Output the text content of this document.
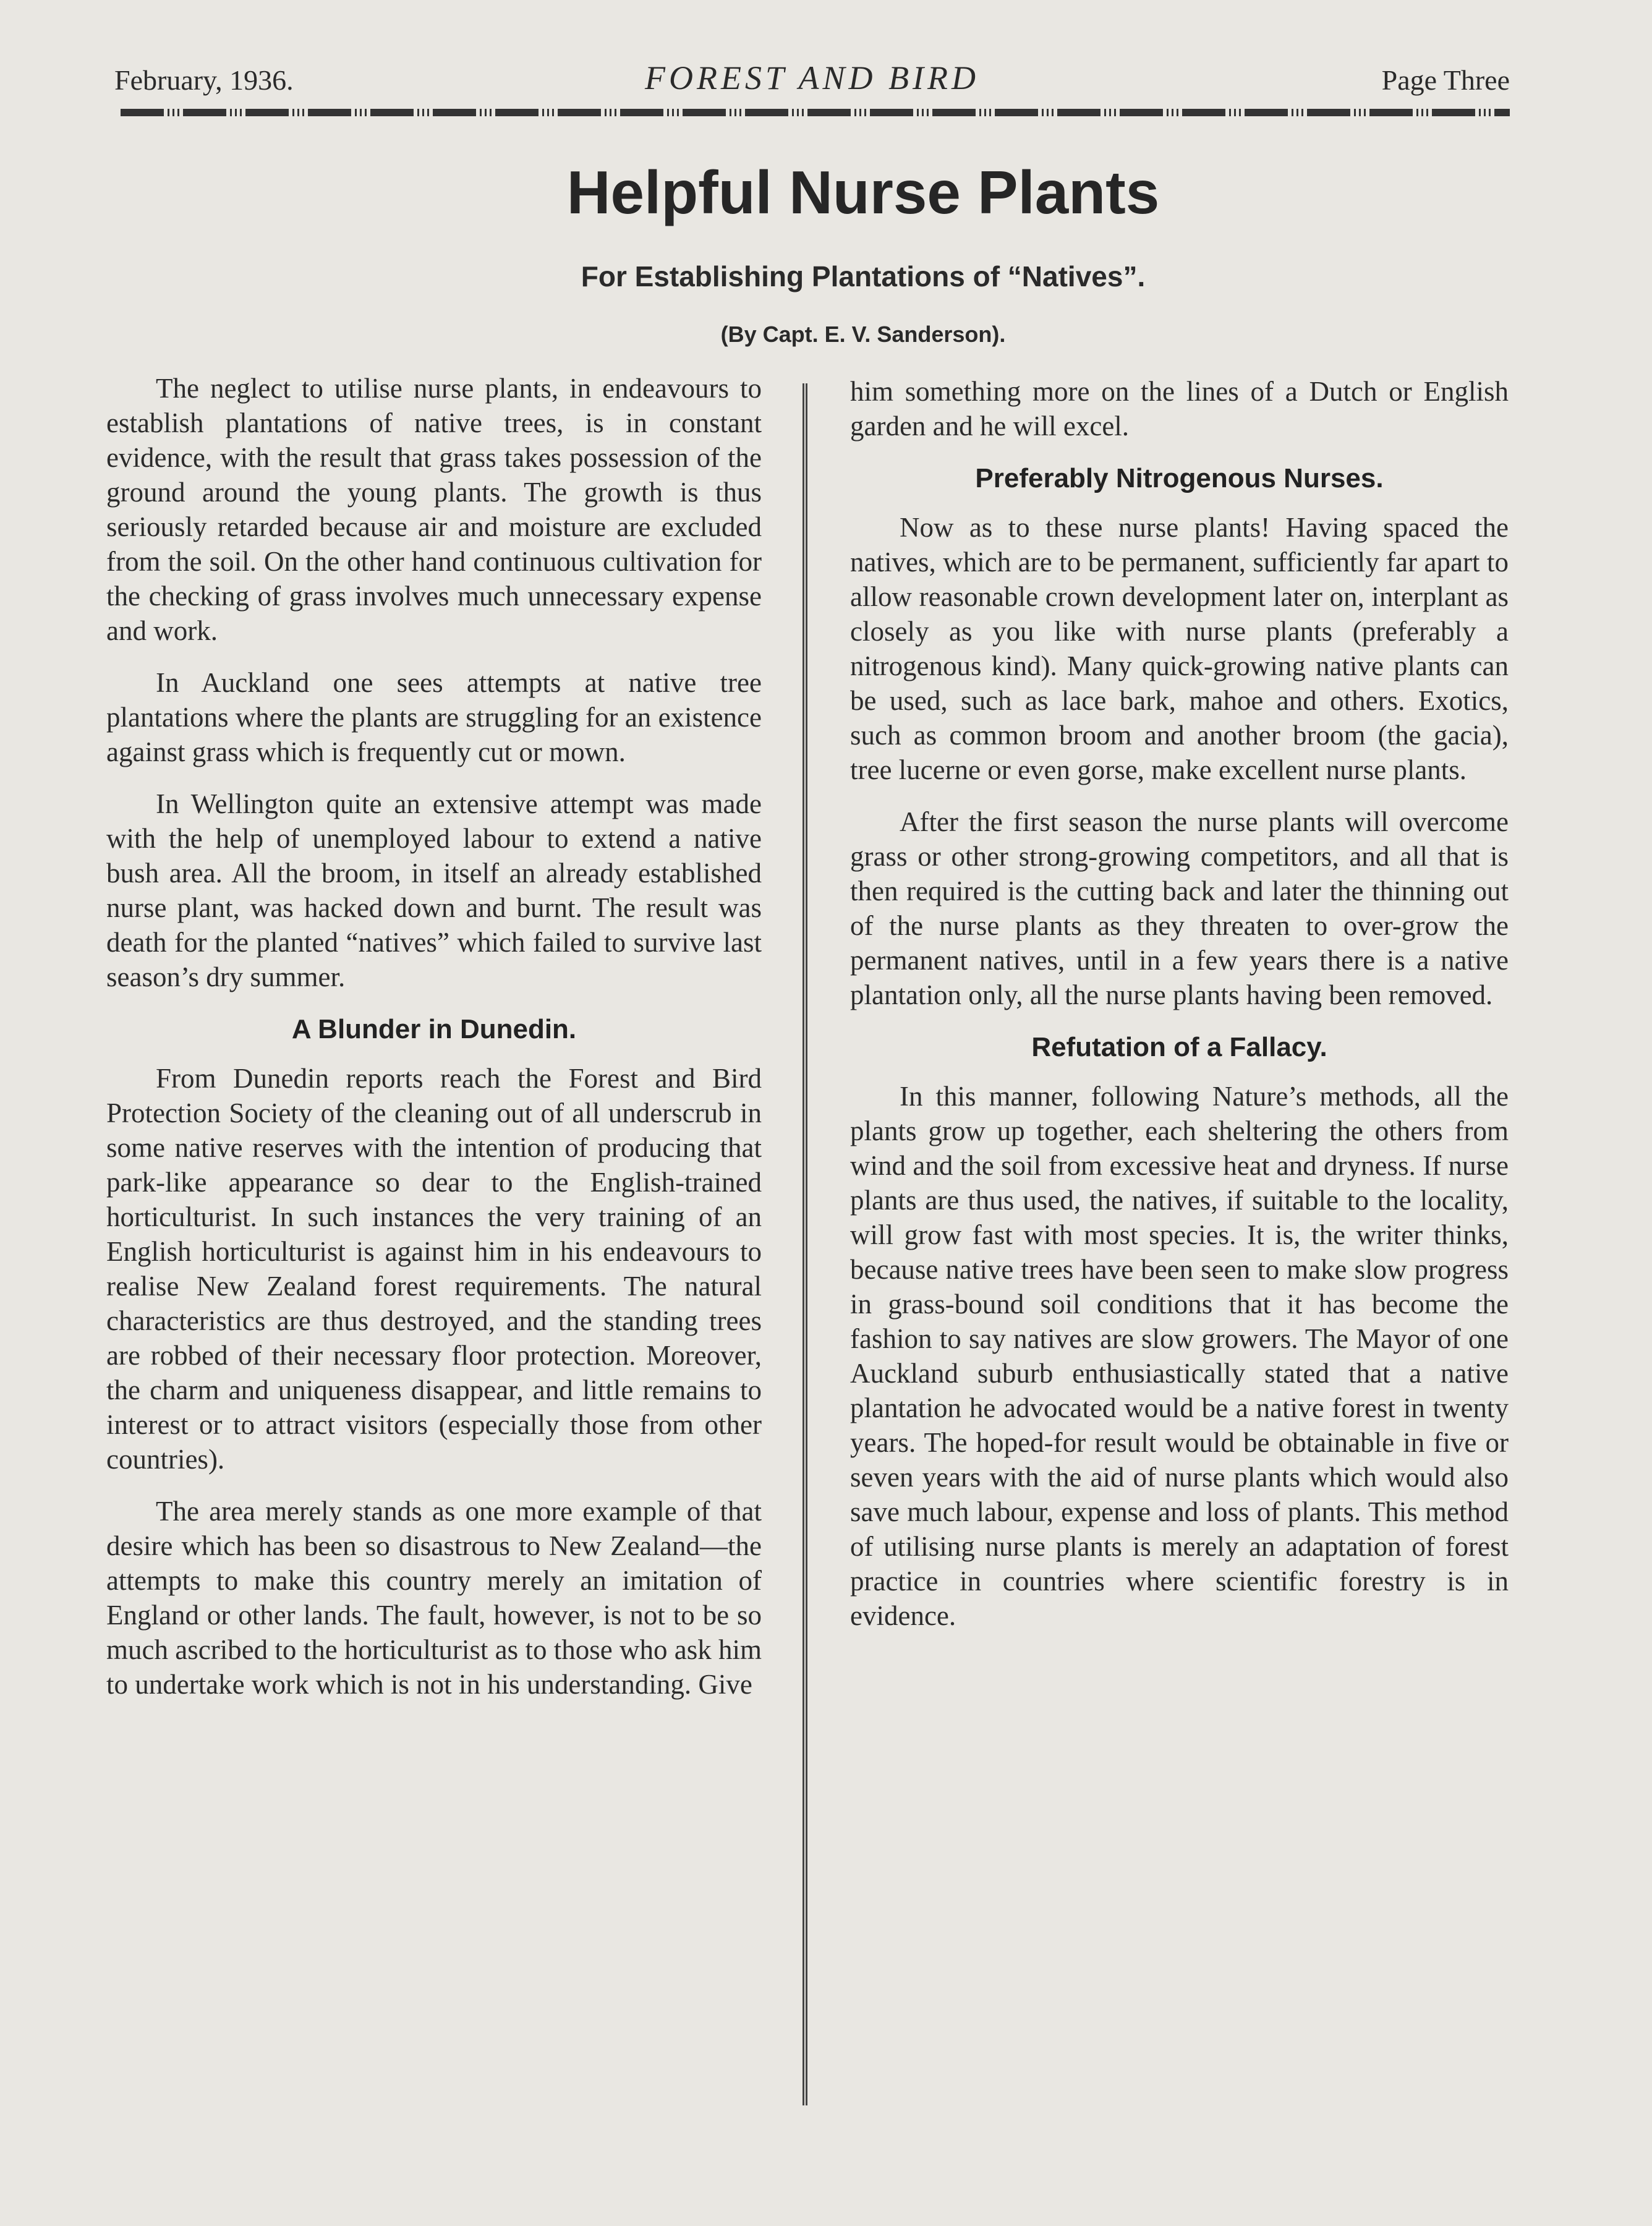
February, 1936.	FOREST AND BIRD	Page Three
Helpful Nurse Plants
For Establishing Plantations of “Natives”.
(By Capt. E. V. Sanderson).

The neglect to utilise nurse plants, in endeavours to establish plantations of native trees, is in constant evidence, with the result that grass takes possession of the ground around the young plants. The growth is thus seriously retarded because air and moisture are excluded from the soil. On the other hand continuous cultivation for the checking of grass involves much unnecessary expense and work.

In Auckland one sees attempts at native tree plantations where the plants are struggling for an existence against grass which is frequently cut or mown.

In Wellington quite an extensive attempt was made with the help of unemployed labour to extend a native bush area. All the broom, in itself an already established nurse plant, was hacked down and burnt. The result was death for the planted “natives” which failed to survive last season’s dry summer.

A Blunder in Dunedin.

From Dunedin reports reach the Forest and Bird Protection Society of the cleaning out of all underscrub in some native reserves with the intention of producing that park-like appearance so dear to the English-trained horticulturist. In such instances the very training of an English horticulturist is against him in his endeavours to realise New Zealand forest requirements. The natural characteristics are thus destroyed, and the standing trees are robbed of their necessary floor protection. Moreover, the charm and uniqueness disappear, and little remains to interest or to attract visitors (especially those from other countries).

The area merely stands as one more example of that desire which has been so disastrous to New Zealand—the attempts to make this country merely an imitation of England or other lands. The fault, however, is not to be so much ascribed to the horticulturist as to those who ask him to undertake work which is not in his understanding. Give

him something more on the lines of a Dutch or English garden and he will excel.

Preferably Nitrogenous Nurses.

Now as to these nurse plants! Having spaced the natives, which are to be permanent, sufficiently far apart to allow reasonable crown development later on, interplant as closely as you like with nurse plants (preferably a nitrogenous kind). Many quick-growing native plants can be used, such as lace bark, mahoe and others. Exotics, such as common broom and another broom (the gacia), tree lucerne or even gorse, make excellent nurse plants.

After the first season the nurse plants will overcome grass or other strong-growing competitors, and all that is then required is the cutting back and later the thinning out of the nurse plants as they threaten to over-grow the permanent natives, until in a few years there is a native plantation only, all the nurse plants having been removed.

Refutation of a Fallacy.

In this manner, following Nature’s methods, all the plants grow up together, each sheltering the others from wind and the soil from excessive heat and dryness. If nurse plants are thus used, the natives, if suitable to the locality, will grow fast with most species. It is, the writer thinks, because native trees have been seen to make slow progress in grass-bound soil conditions that it has become the fashion to say natives are slow growers. The Mayor of one Auckland suburb enthusiastically stated that a native plantation he advocated would be a native forest in twenty years. The hoped-for result would be obtainable in five or seven years with the aid of nurse plants which would also save much labour, expense and loss of plants. This method of utilising nurse plants is merely an adaptation of forest practice in countries where scientific forestry is in evidence.
